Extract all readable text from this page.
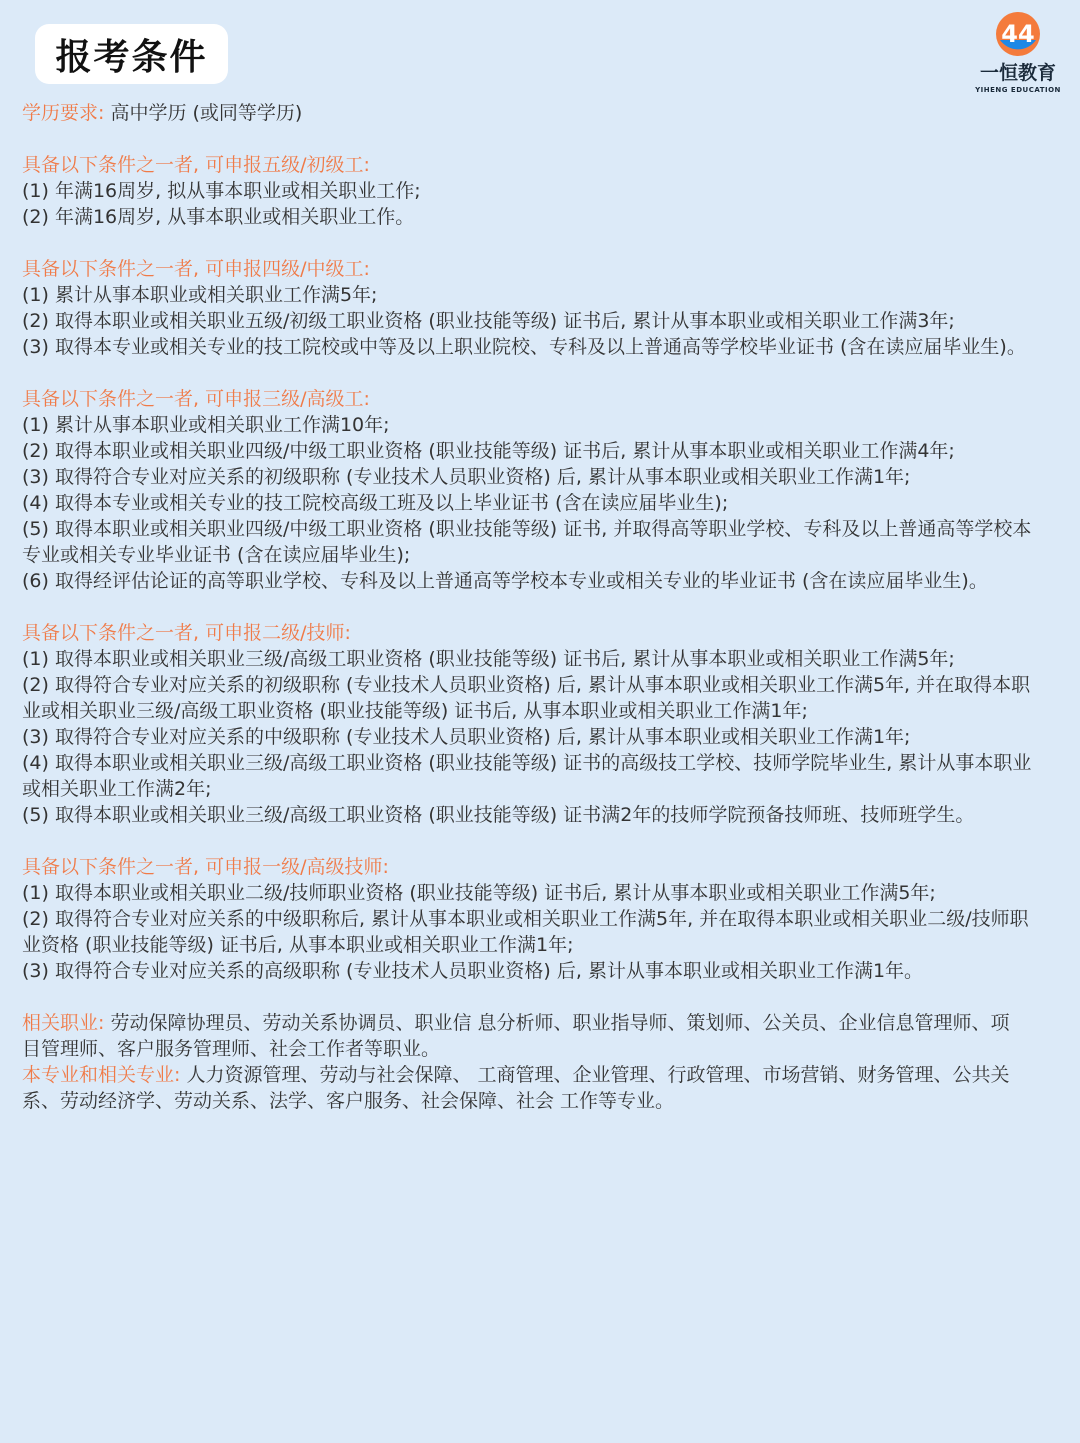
报考条件
44
一恒教育
YIHENG EDUCATION

学历要求: 高中学历 (或同等学历)

具备以下条件之一者, 可申报五级/初级工:

(1) 年满16周岁, 拟从事本职业或相关职业工作;

(2) 年满16周岁, 从事本职业或相关职业工作。

具备以下条件之一者, 可申报四级/中级工:

(1) 累计从事本职业或相关职业工作满5年;

(2) 取得本职业或相关职业五级/初级工职业资格 (职业技能等级) 证书后, 累计从事本职业或相关职业工作满3年;

(3) 取得本专业或相关专业的技工院校或中等及以上职业院校、专科及以上普通高等学校毕业证书 (含在读应届毕业生)。

具备以下条件之一者, 可申报三级/高级工:

(1) 累计从事本职业或相关职业工作满10年;

(2) 取得本职业或相关职业四级/中级工职业资格 (职业技能等级) 证书后, 累计从事本职业或相关职业工作满4年;

(3) 取得符合专业对应关系的初级职称 (专业技术人员职业资格) 后, 累计从事本职业或相关职业工作满1年;

(4) 取得本专业或相关专业的技工院校高级工班及以上毕业证书 (含在读应届毕业生);

(5) 取得本职业或相关职业四级/中级工职业资格 (职业技能等级) 证书, 并取得高等职业学校、专科及以上普通高等学校本专业或相关专业毕业证书 (含在读应届毕业生);

(6) 取得经评估论证的高等职业学校、专科及以上普通高等学校本专业或相关专业的毕业证书 (含在读应届毕业生)。

具备以下条件之一者, 可申报二级/技师:

(1) 取得本职业或相关职业三级/高级工职业资格 (职业技能等级) 证书后, 累计从事本职业或相关职业工作满5年;

(2) 取得符合专业对应关系的初级职称 (专业技术人员职业资格) 后, 累计从事本职业或相关职业工作满5年, 并在取得本职业或相关职业三级/高级工职业资格 (职业技能等级) 证书后, 从事本职业或相关职业工作满1年;

(3) 取得符合专业对应关系的中级职称 (专业技术人员职业资格) 后, 累计从事本职业或相关职业工作满1年;

(4) 取得本职业或相关职业三级/高级工职业资格 (职业技能等级) 证书的高级技工学校、技师学院毕业生, 累计从事本职业或相关职业工作满2年;

(5) 取得本职业或相关职业三级/高级工职业资格 (职业技能等级) 证书满2年的技师学院预备技师班、技师班学生。

具备以下条件之一者, 可申报一级/高级技师:

(1) 取得本职业或相关职业二级/技师职业资格 (职业技能等级) 证书后, 累计从事本职业或相关职业工作满5年;

(2) 取得符合专业对应关系的中级职称后, 累计从事本职业或相关职业工作满5年, 并在取得本职业或相关职业二级/技师职业资格 (职业技能等级) 证书后, 从事本职业或相关职业工作满1年;

(3) 取得符合专业对应关系的高级职称 (专业技术人员职业资格) 后, 累计从事本职业或相关职业工作满1年。

相关职业: 劳动保障协理员、劳动关系协调员、职业信 息分析师、职业指导师、策划师、公关员、企业信息管理师、项 目管理师、客户服务管理师、社会工作者等职业。

本专业和相关专业: 人力资源管理、劳动与社会保障、 工商管理、企业管理、行政管理、市场营销、财务管理、公共关 系、劳动经济学、劳动关系、法学、客户服务、社会保障、社会 工作等专业。
